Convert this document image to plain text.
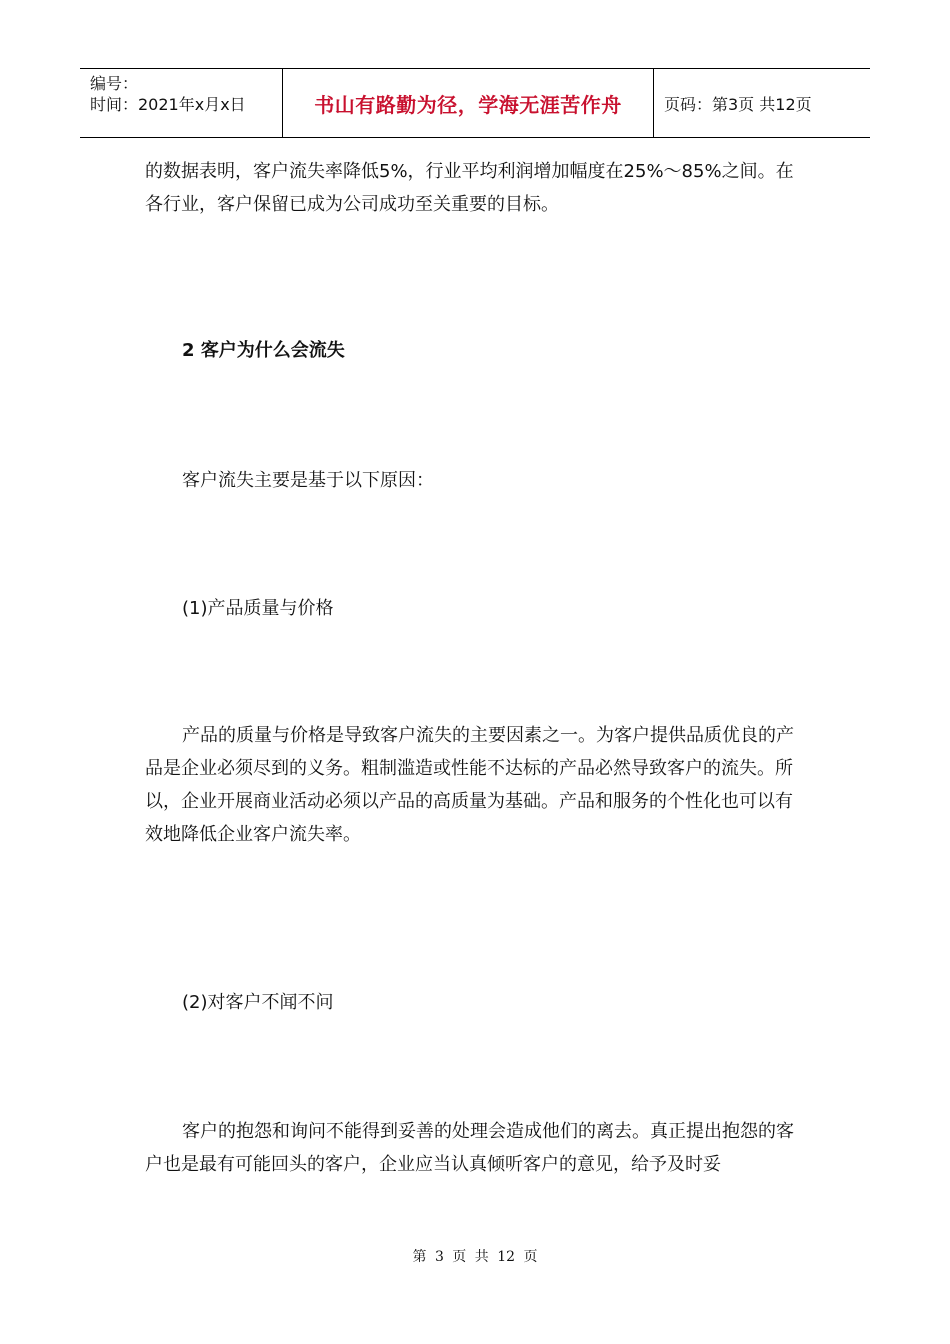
编号：
时间：2021年x月x日	书山有路勤为径，学海无涯苦作舟	页码：第3页 共12页

的数据表明，客户流失率降低5%，行业平均利润增加幅度在25%～85%之间。在各行业，客户保留已成为公司成功至关重要的目标。

2 客户为什么会流失

客户流失主要是基于以下原因：

(1)产品质量与价格

产品的质量与价格是导致客户流失的主要因素之一。为客户提供品质优良的产品是企业必须尽到的义务。粗制滥造或性能不达标的产品必然导致客户的流失。所以，企业开展商业活动必须以产品的高质量为基础。产品和服务的个性化也可以有效地降低企业客户流失率。

(2)对客户不闻不问

客户的抱怨和询问不能得到妥善的处理会造成他们的离去。真正提出抱怨的客户也是最有可能回头的客户，企业应当认真倾听客户的意见，给予及时妥

第 3 页 共 12 页
